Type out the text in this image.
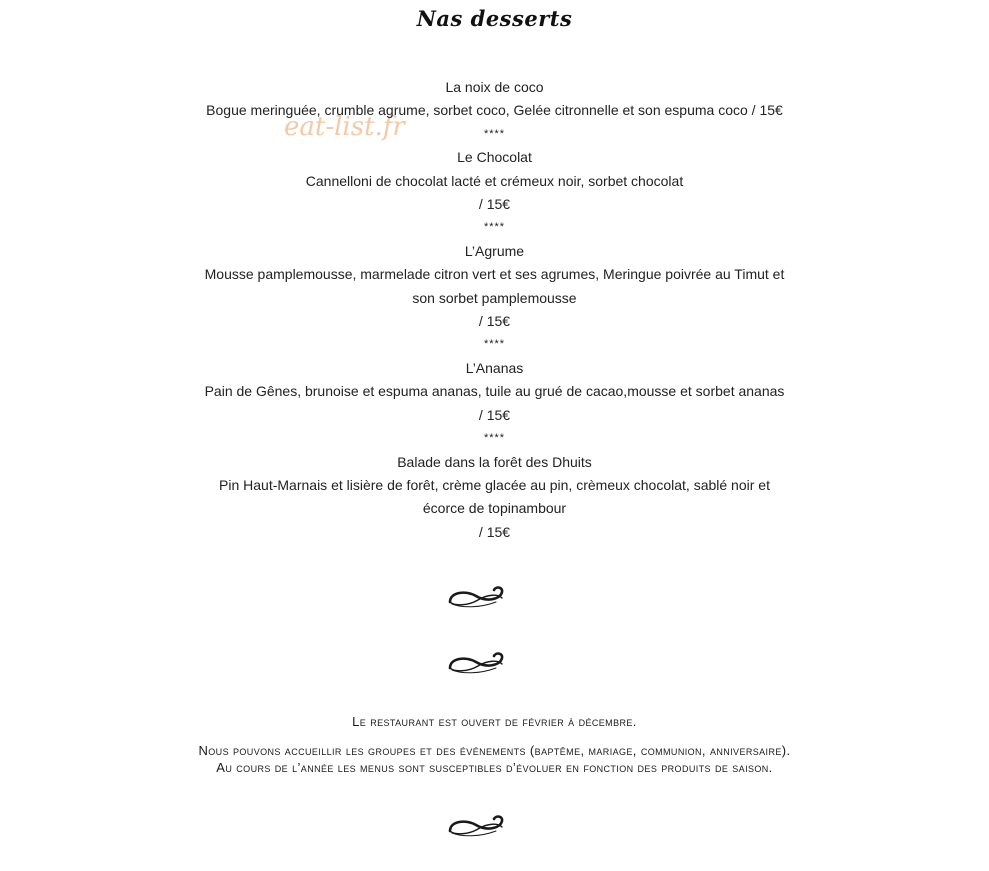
Nas desserts
eat-list.fr
La noix de coco
Bogue meringuée, crumble agrume, sorbet coco, Gelée citronnelle et son espuma coco / 15€
****
Le Chocolat
Cannelloni de chocolat lacté et crémeux noir, sorbet chocolat
/ 15€
****
L’Agrume
Mousse pamplemousse, marmelade citron vert et ses agrumes, Meringue poivrée au Timut et
son sorbet pamplemousse
/ 15€
****
L’Ananas
Pain de Gênes, brunoise et espuma ananas, tuile au grué de cacao,mousse et sorbet ananas
/ 15€
****
Balade dans la forêt des Dhuits
Pin Haut-Marnais et lisière de forêt, crème glacée au pin, crèmeux chocolat, sablé noir et
écorce de topinambour
/ 15€

Le restaurant est ouvert de février à décembre.

Nous pouvons accueillir les groupes et des événements (baptême, mariage, communion, anniversaire).

Au cours de l’année les menus sont susceptibles d’évoluer en fonction des produits de saison.
